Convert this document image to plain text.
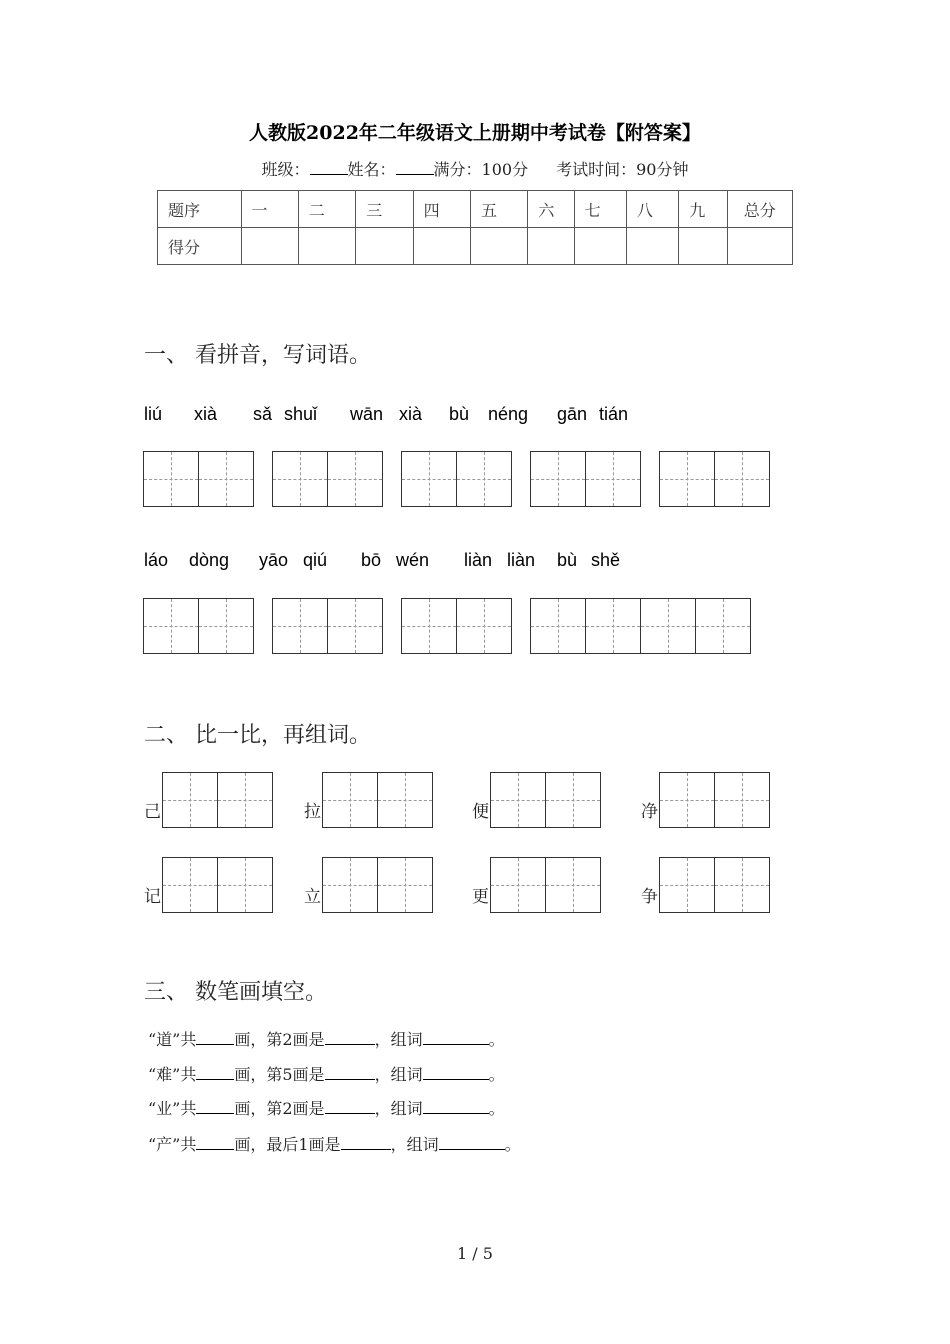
人教版2022年二年级语文上册期中考试卷【附答案】
班级： 姓名： 满分：100分 考试时间：90分钟
题序	一	二	三	四	五	六	七	八	九	总分
得分										
一、 看拼音，写词语。
liú xià sǎ shuǐ wān xià bù néng gān tián
láo dòng yāo qiú bō wén liàn liàn bù shě
二、 比一比，再组词。
己	拉	便	净
记	立	更	争
三、 数笔画填空。
“道”共 画，第2画是	，组词	。
“难”共 画，第5画是	，组词	。
“业”共 画，第2画是	，组词	。
“产”共 画，最后1画是	，组词	。
1 / 5
